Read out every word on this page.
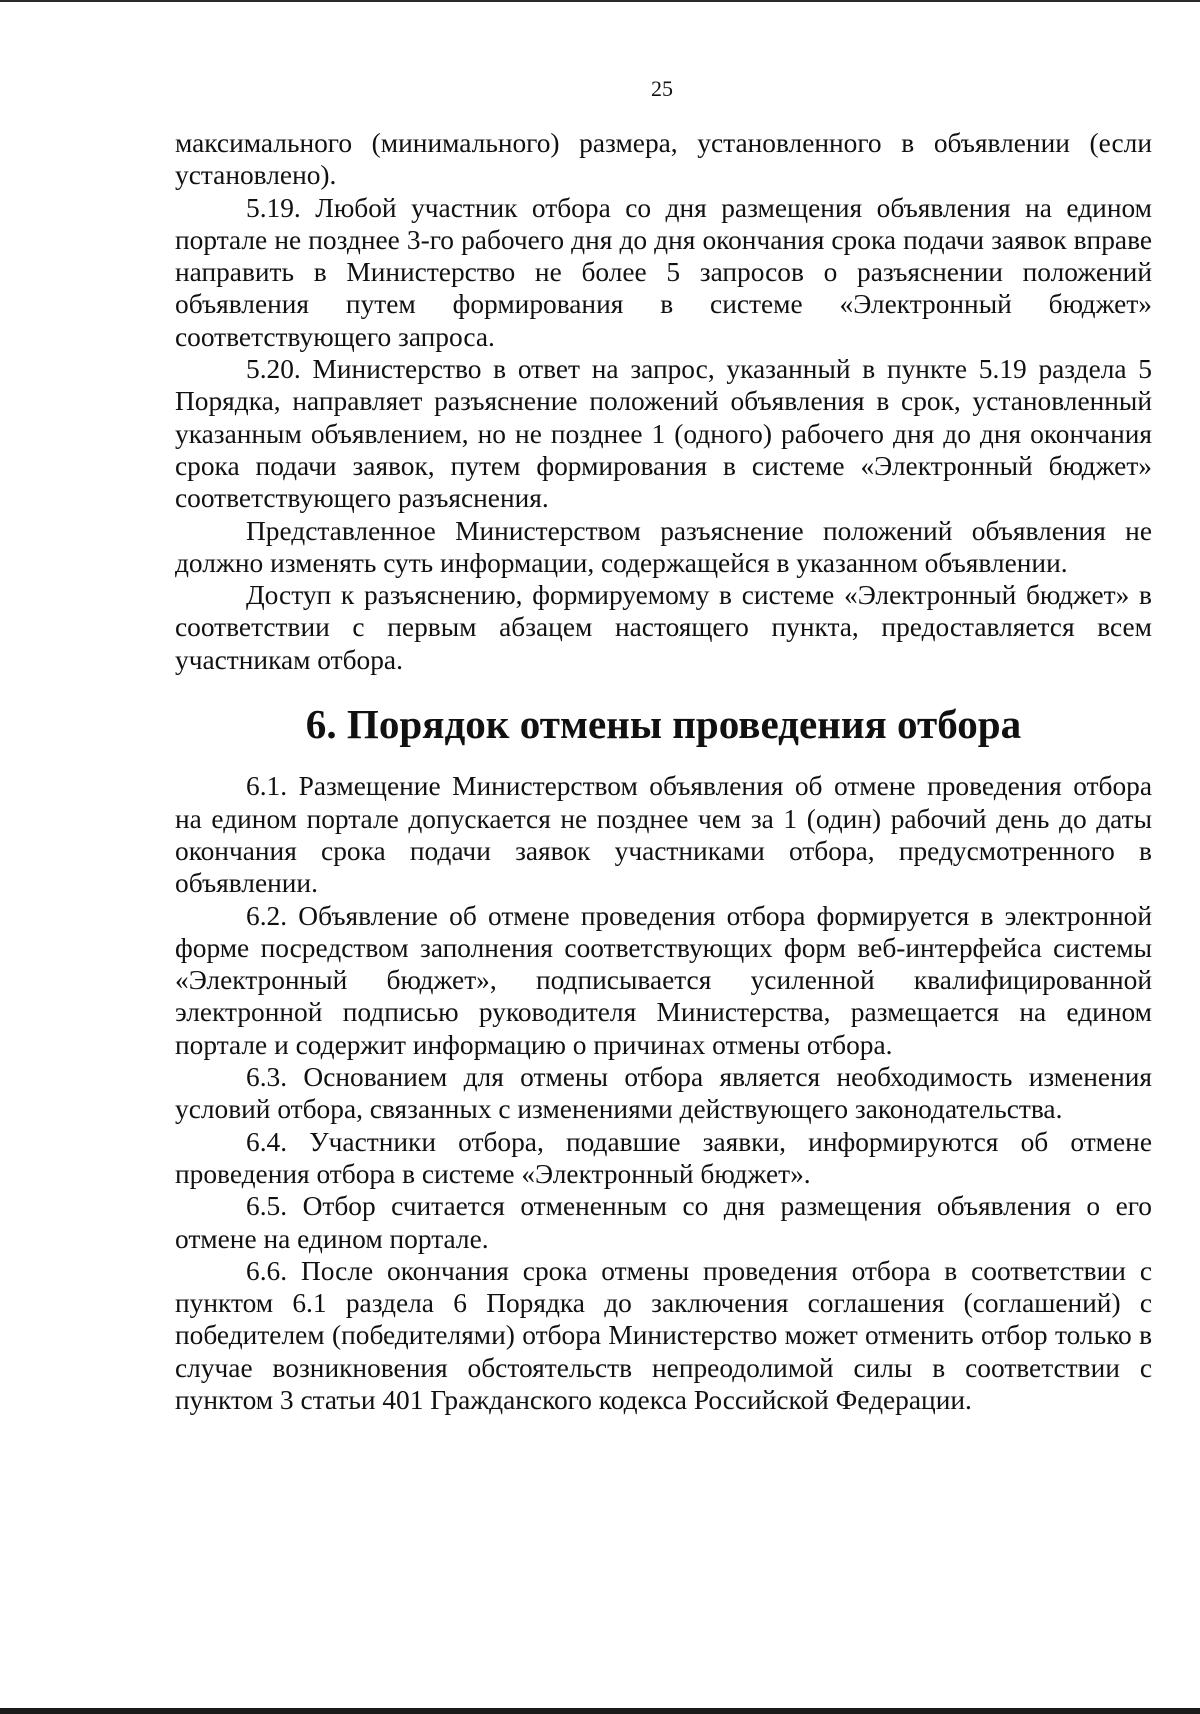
25

максимального (минимального) размера, установленного в объявлении (если установлено).

5.19. Любой участник отбора со дня размещения объявления на едином портале не позднее 3-го рабочего дня до дня окончания срока подачи заявок вправе направить в Министерство не более 5 запросов о разъяснении положений объявления путем формирования в системе «Электронный бюджет» соответствующего запроса.

5.20. Министерство в ответ на запрос, указанный в пункте 5.19 раздела 5 Порядка, направляет разъяснение положений объявления в срок, установленный указанным объявлением, но не позднее 1 (одного) рабочего дня до дня окончания срока подачи заявок, путем формирования в системе «Электронный бюджет» соответствующего разъяснения.

Представленное Министерством разъяснение положений объявления не должно изменять суть информации, содержащейся в указанном объявлении.

Доступ к разъяснению, формируемому в системе «Электронный бюджет» в соответствии с первым абзацем настоящего пункта, предоставляется всем участникам отбора.

6. Порядок отмены проведения отбора

6.1. Размещение Министерством объявления об отмене проведения отбора на едином портале допускается не позднее чем за 1 (один) рабочий день до даты окончания срока подачи заявок участниками отбора, предусмотренного в объявлении.

6.2. Объявление об отмене проведения отбора формируется в электронной форме посредством заполнения соответствующих форм веб-интерфейса системы «Электронный бюджет», подписывается усиленной квалифицированной электронной подписью руководителя Министерства, размещается на едином портале и содержит информацию о причинах отмены отбора.

6.3. Основанием для отмены отбора является необходимость изменения условий отбора, связанных с изменениями действующего законодательства.

6.4. Участники отбора, подавшие заявки, информируются об отмене проведения отбора в системе «Электронный бюджет».

6.5. Отбор считается отмененным со дня размещения объявления о его отмене на едином портале.

6.6. После окончания срока отмены проведения отбора в соответствии с пунктом 6.1 раздела 6 Порядка до заключения соглашения (соглашений) с победителем (победителями) отбора Министерство может отменить отбор только в случае возникновения обстоятельств непреодолимой силы в соответствии с пунктом 3 статьи 401 Гражданского кодекса Российской Федерации.
